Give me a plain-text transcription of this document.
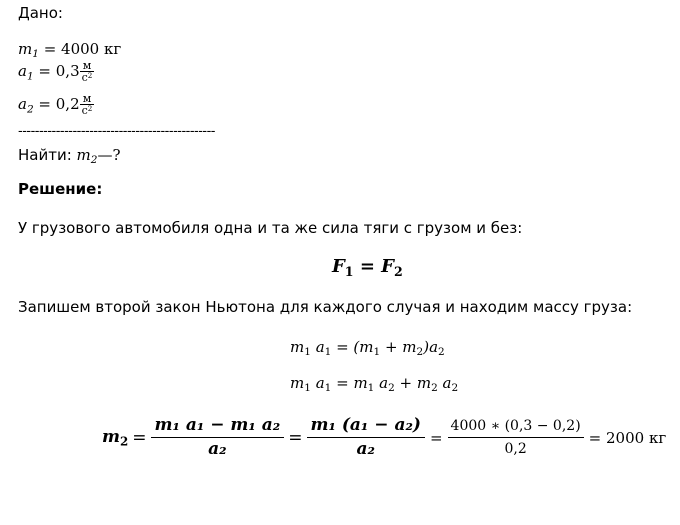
Дано:
$m_1 = 4000$ кг
$a_1 = 0,3 \frac{м}{с^2}$
$a_2 = 0,2 \frac{м}{с^2}$
-----------------------------------------------
Найти: $m_2—$?
Решение:
У грузового автомобиля одна и та же сила тяги с грузом и без:
$F_1 = F_2$
Запишем второй закон Ньютона для каждого случая и находим массу груза:
$m_1$ $a_1 = (m_1 + m_2)a_2$
$m_1$ $a_1 = m_1$ $a_2 + m_2$ $a_2$
$m_2 = \frac{\text{m₁ a₁ − m₁ a₂}}{\text{a₂}} = \frac{\text{m₁ (a₁ − a₂)}}{\text{a₂}} = \frac{4000 ∗ (0,3 - 0,2)}{0,2} = 2000$ кг
